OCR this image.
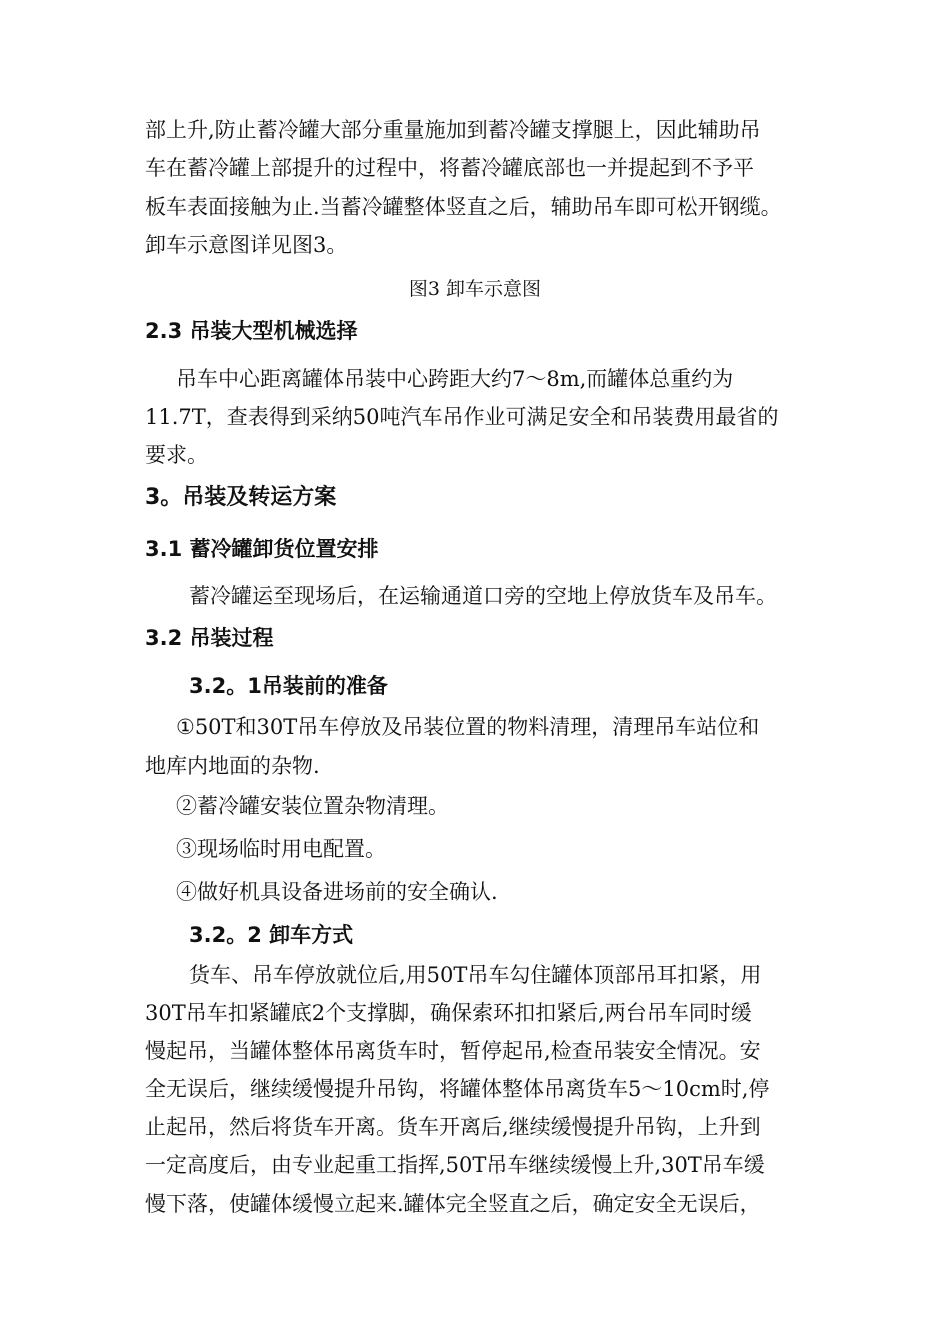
部上升,防止蓄冷罐大部分重量施加到蓄冷罐支撑腿上，因此辅助吊
车在蓄冷罐上部提升的过程中，将蓄冷罐底部也一并提起到不予平
板车表面接触为止.当蓄冷罐整体竖直之后，辅助吊车即可松开钢缆。
卸车示意图详见图3。
图3 卸车示意图
2.3 吊装大型机械选择
吊车中心距离罐体吊装中心跨距大约7～8m,而罐体总重约为
11.7T，查表得到采纳50吨汽车吊作业可满足安全和吊装费用最省的
要求。
3。吊装及转运方案
3.1 蓄冷罐卸货位置安排
蓄冷罐运至现场后，在运输通道口旁的空地上停放货车及吊车。
3.2 吊装过程
3.2。1吊装前的准备
①50T和30T吊车停放及吊装位置的物料清理，清理吊车站位和
地库内地面的杂物.
②蓄冷罐安装位置杂物清理。
③现场临时用电配置。
④做好机具设备进场前的安全确认.
3.2。2 卸车方式
货车、吊车停放就位后,用50T吊车勾住罐体顶部吊耳扣紧，用
30T吊车扣紧罐底2个支撑脚，确保索环扣扣紧后,两台吊车同时缓
慢起吊，当罐体整体吊离货车时，暂停起吊,检查吊装安全情况。安
全无误后，继续缓慢提升吊钩，将罐体整体吊离货车5～10cm时,停
止起吊，然后将货车开离。货车开离后,继续缓慢提升吊钩，上升到
一定高度后，由专业起重工指挥,50T吊车继续缓慢上升,30T吊车缓
慢下落，使罐体缓慢立起来.罐体完全竖直之后，确定安全无误后，
